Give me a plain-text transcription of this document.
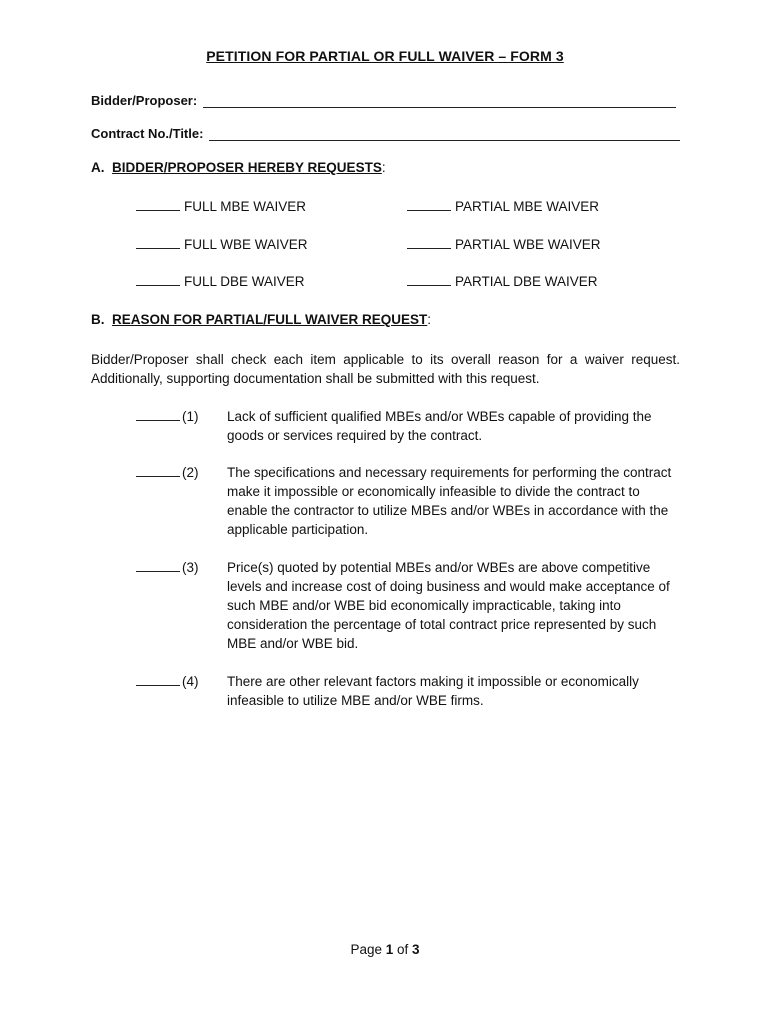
PETITION FOR PARTIAL OR FULL WAIVER – FORM 3
Bidder/Proposer:
Contract No./Title:
A. BIDDER/PROPOSER HEREBY REQUESTS:
FULL MBE WAIVER	PARTIAL MBE WAIVER
FULL WBE WAIVER	PARTIAL WBE WAIVER
FULL DBE WAIVER	PARTIAL DBE WAIVER
B. REASON FOR PARTIAL/FULL WAIVER REQUEST:
Bidder/Proposer shall check each item applicable to its overall reason for a waiver request. Additionally, supporting documentation shall be submitted with this request.
(1) Lack of sufficient qualified MBEs and/or WBEs capable of providing the goods or services required by the contract.
(2) The specifications and necessary requirements for performing the contract make it impossible or economically infeasible to divide the contract to enable the contractor to utilize MBEs and/or WBEs in accordance with the applicable participation.
(3) Price(s) quoted by potential MBEs and/or WBEs are above competitive levels and increase cost of doing business and would make acceptance of such MBE and/or WBE bid economically impracticable, taking into consideration the percentage of total contract price represented by such MBE and/or WBE bid.
(4) There are other relevant factors making it impossible or economically infeasible to utilize MBE and/or WBE firms.
Page 1 of 3
